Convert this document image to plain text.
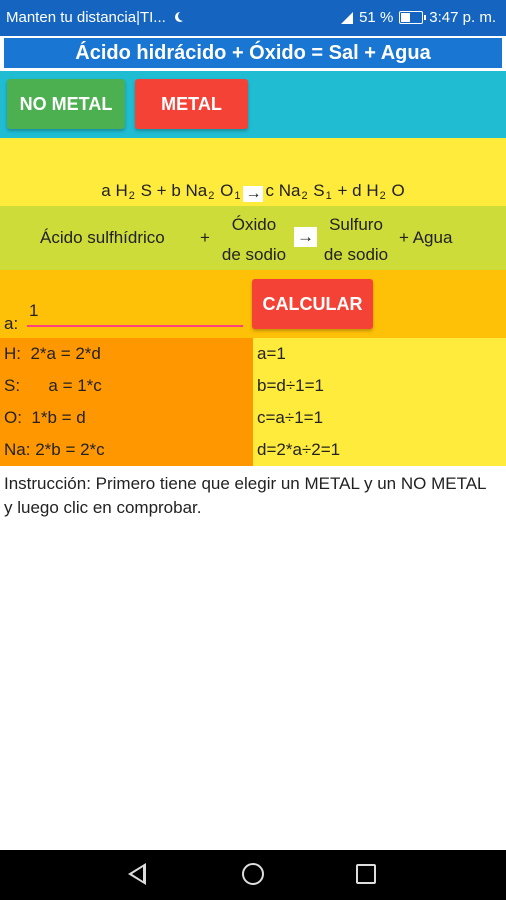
Manten tu distancia|TI...	51 % 3:47 p. m.
Ácido hidrácido + Óxido = Sal + Agua
NO METAL	METAL
a $H_2$ S + b $Na_2$ $O_1 \to c$ $Na_2$ $S_1 + d$ $H_2$ O
Ácido sulfhídrico +
Óxido
de sodio
→
Sulfuro
de sodio
+ Agua
a:
1
CALCULAR
H:  2*a = 2*d
S:      a = 1*c
O:  1*b = d
Na: 2*b = 2*c
a=1
b=d÷1=1
c=a÷1=1
d=2*a÷2=1
Instrucción: Primero tiene que elegir un METAL y un NO METAL y luego clic en comprobar.
